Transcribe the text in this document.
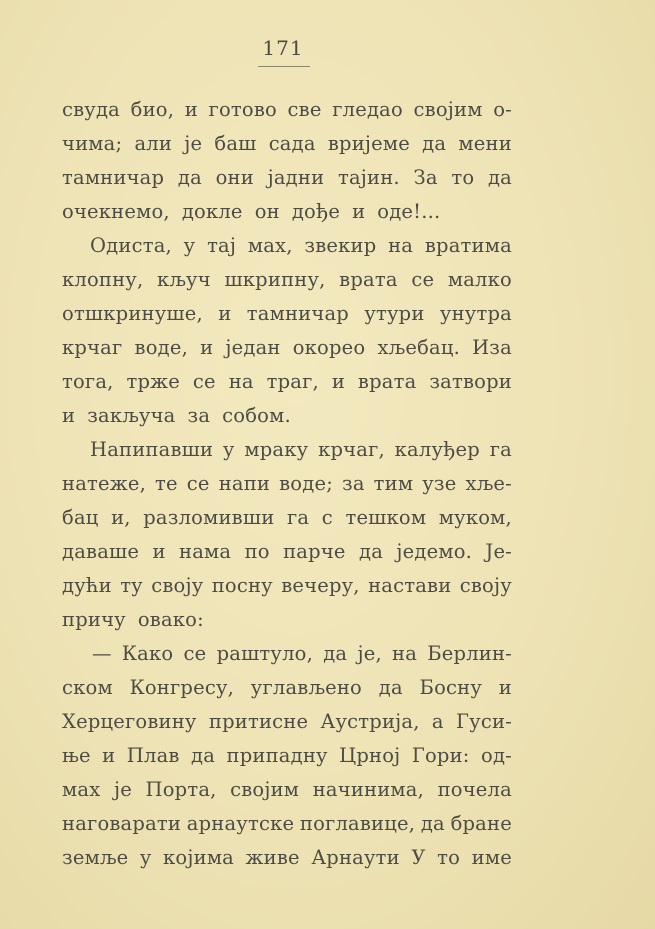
171
свуда био, и готово све гледао својим о-
чима; али је баш сада вријеме да мени
тамничар да они јадни тајин. За то да
очекнемо, докле он дође и оде!...
Одиста, у тај мах, звекир на вратима
клопну, кључ шкрипну, врата се малко
отшкринуше, и тамничар утури унутра
крчаг воде, и један окорео хљебац. Иза
тога, трже се на траг, и врата затвори
и закључа за собом.
Напипавши у мраку крчаг, калуђер га
натеже, те се напи воде; за тим узе хље-
бац и, разломивши га с тешком муком,
даваше и нама по парче да једемо. Је-
дући ту своју посну вечеру, настави своју
причу овако:
— Како се раштуло, да је, на Берлин-
ском Конгресу, углављено да Босну и
Херцеговину притисне Аустрија, а Гуси-
ње и Плав да припадну Црној Гори: од-
мах је Порта, својим начинима, почела
наговарати арнаутске поглавице, да бране
земље у којима живе Арнаути У то име
